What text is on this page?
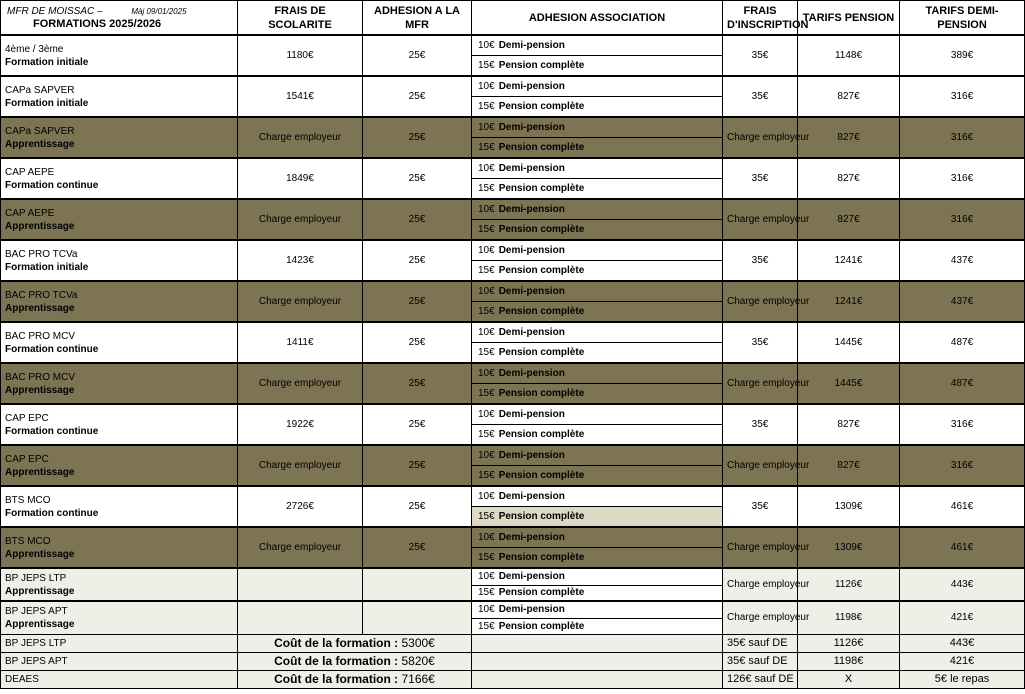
MFR DE MOISSAC – Màj 09/01/2025
FORMATIONS 2025/2026	FRAIS DE SCOLARITE	ADHESION A LA MFR	ADHESION ASSOCIATION	FRAIS D'INSCRIPTION	TARIFS PENSION	TARIFS DEMI-PENSION	

4ème / 3ème
Formation initiale	1180€	25€	10€ Demi-pension	35€	1148€	389€	
			15€ Pension complète	

CAPa SAPVER
Formation initiale	1541€	25€	10€ Demi-pension	35€	827€	316€	
			15€ Pension complète	

CAPa SAPVER
Apprentissage	Charge employeur	25€	10€ Demi-pension	Charge employeur	827€	316€	
			15€ Pension complète	

CAP AEPE
Formation continue	1849€	25€	10€ Demi-pension	35€	827€	316€	
			15€ Pension complète	

CAP AEPE
Apprentissage	Charge employeur	25€	10€ Demi-pension	Charge employeur	827€	316€	
			15€ Pension complète	

BAC PRO TCVa
Formation initiale	1423€	25€	10€ Demi-pension	35€	1241€	437€	
			15€ Pension complète	

BAC PRO TCVa
Apprentissage	Charge employeur	25€	10€ Demi-pension	Charge employeur	1241€	437€	
			15€ Pension complète	

BAC PRO MCV
Formation continue	1411€	25€	10€ Demi-pension	35€	1445€	487€	
			15€ Pension complète	

BAC PRO MCV
Apprentissage	Charge employeur	25€	10€ Demi-pension	Charge employeur	1445€	487€	
			15€ Pension complète	

CAP EPC
Formation continue	1922€	25€	10€ Demi-pension	35€	827€	316€	
			15€ Pension complète	

CAP EPC
Apprentissage	Charge employeur	25€	10€ Demi-pension	Charge employeur	827€	316€	
			15€ Pension complète	

BTS MCO
Formation continue	2726€	25€	10€ Demi-pension	35€	1309€	461€	
			15€ Pension complète	

BTS MCO
Apprentissage	Charge employeur	25€	10€ Demi-pension	Charge employeur	1309€	461€	
			15€ Pension complète	

BP JEPS LTP
Apprentissage			10€ Demi-pension	Charge employeur	1126€	443€	
			15€ Pension complète				

BP JEPS APT
Apprentissage			10€ Demi-pension	Charge employeur	1198€	421€	
			15€ Pension complète				
BP JEPS LTP	Coût de la formation : 5300€			35€ sauf DE	1126€	443€	
BP JEPS APT	Coût de la formation : 5820€			35€ sauf DE	1198€	421€	
DEAES	Coût de la formation : 7166€			126€ sauf DE	X	5€ le repas	
